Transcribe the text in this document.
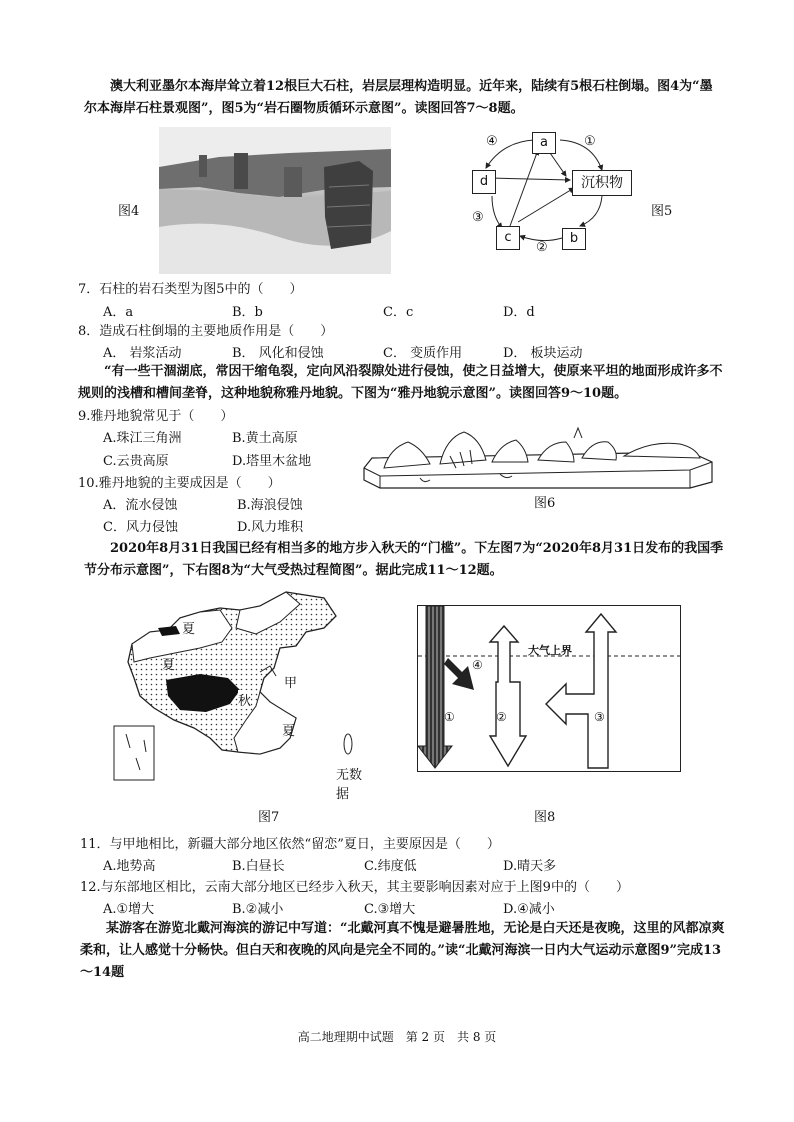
澳大利亚墨尔本海岸耸立着12根巨大石柱，岩层层理构造明显。近年来，陆续有5根石柱倒塌。图4为“墨尔本海岸石柱景观图”，图5为“岩石圈物质循环示意图”。读图回答7～8题。
图4
a
d	沉积物
c	b
④	①
③
②
图5
7．石柱的岩石类型为图5中的（　　）
A．a	B．b	C．c	D．d
8．造成石柱倒塌的主要地质作用是（　　）
A． 岩浆活动	B． 风化和侵蚀	C． 变质作用	D． 板块运动
“有一些干涸湖底，常因干缩龟裂，定向风沿裂隙处进行侵蚀，使之日益增大，使原来平坦的地面形成许多不规则的浅槽和槽间垄脊，这种地貌称雅丹地貌。下图为“雅丹地貌示意图”。读图回答9～10题。
9.雅丹地貌常见于（　　）
A.珠江三角洲	B.黄土高原
C.云贵高原	D.塔里木盆地
图6
10.雅丹地貌的主要成因是（　　）
A．流水侵蚀	B.海浪侵蚀
C．风力侵蚀	D.风力堆积
2020年8月31日我国已经有相当多的地方步入秋天的“门槛”。下左图7为“2020年8月31日发布的我国季节分布示意图”，下右图8为“大气受热过程简图”。据此完成11～12题。
夏
夏
夏
秋
甲
无数据
图7
大气上界
④
①	②	③
图8
11．与甲地相比，新疆大部分地区依然“留恋”夏日，主要原因是（　　）
A.地势高	B.白昼长	C.纬度低	D.晴天多
12.与东部地区相比，云南大部分地区已经步入秋天，其主要影响因素对应于上图9中的（　　）
A.①增大	B.②减小	C.③增大	D.④减小
某游客在游览北戴河海滨的游记中写道：“北戴河真不愧是避暑胜地，无论是白天还是夜晚，这里的风都凉爽柔和，让人感觉十分畅快。但白天和夜晚的风向是完全不同的。”读“北戴河海滨一日内大气运动示意图9”完成13～14题
高二地理期中试题　第 2 页　共 8 页
